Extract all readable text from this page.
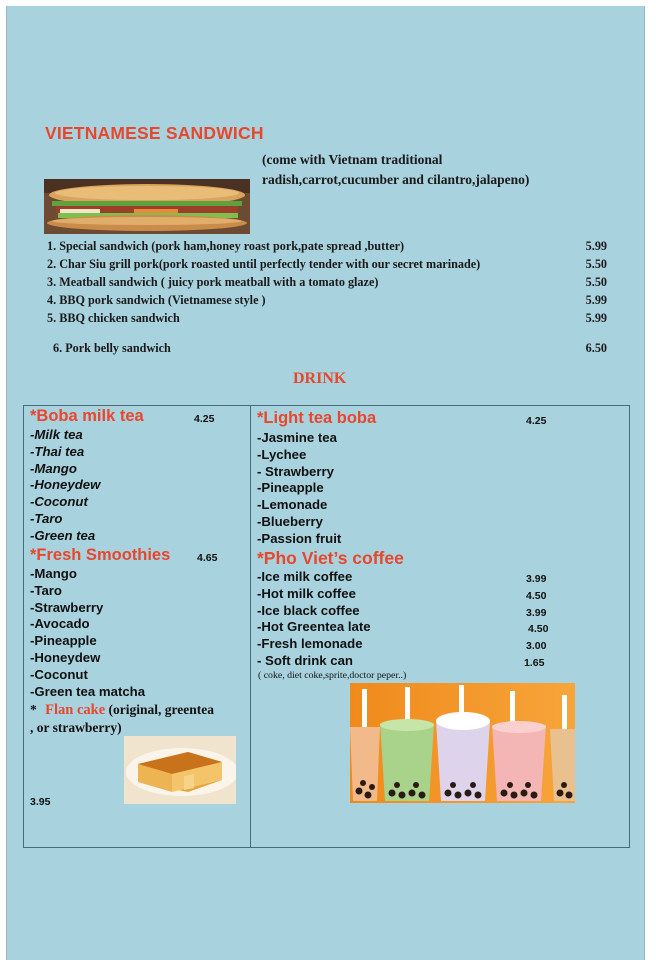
VIETNAMESE SANDWICH
(come with Vietnam traditional
radish,carrot,cucumber and cilantro,jalapeno)
1. Special sandwich (pork ham,honey roast pork,pate spread ,butter)	5.99
2. Char Siu grill pork(pork roasted until perfectly tender with our secret marinade)	5.50
3. Meatball sandwich ( juicy pork meatball with a tomato glaze)	5.50
4. BBQ pork sandwich (Vietnamese style )	5.99
5. BBQ chicken sandwich	5.99
6. Pork belly sandwich	6.50
DRINK
*Boba milk tea	4.25
-Milk tea
-Thai tea
-Mango
-Honeydew
-Coconut
-Taro
-Green tea
*Fresh Smoothies	4.65
-Mango
-Taro
-Strawberry
-Avocado
-Pineapple
-Honeydew
-Coconut
-Green tea matcha
* Flan cake (original, greentea
, or strawberry)
3.95
*Light tea boba	4.25
-Jasmine tea
-Lychee
- Strawberry
-Pineapple
-Lemonade
-Blueberry
-Passion fruit
*Pho Viet’s coffee
-Ice milk coffee	3.99
-Hot milk coffee	4.50
-Ice black coffee	3.99
-Hot Greentea late	4.50
-Fresh lemonade	3.00
- Soft drink can	1.65
( coke, diet coke,sprite,doctor peper..)
